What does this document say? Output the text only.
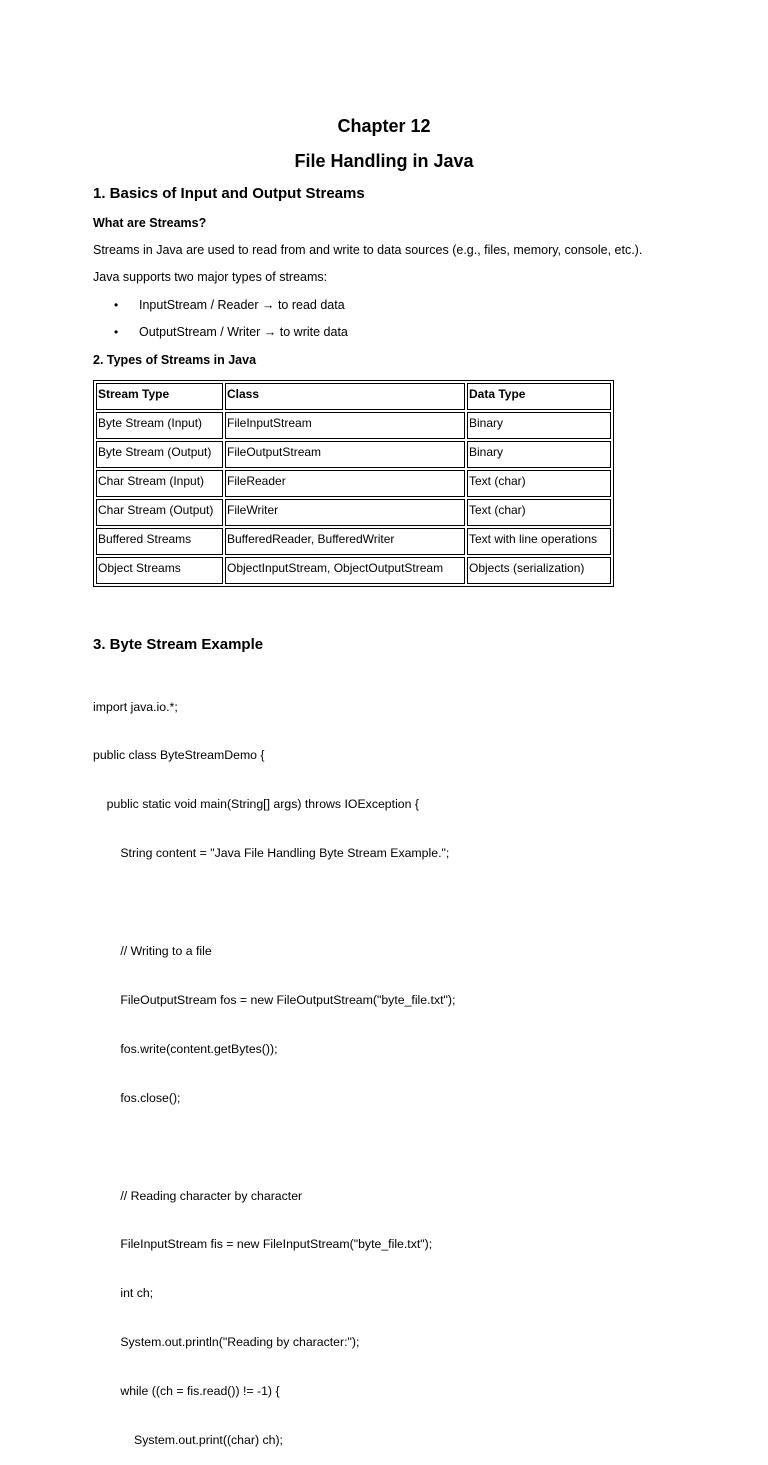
Chapter 12
File Handling in Java
1. Basics of Input and Output Streams
What are Streams?
Streams in Java are used to read from and write to data sources (e.g., files, memory, console, etc.).
Java supports two major types of streams:
• InputStream / Reader → to read data
• OutputStream / Writer → to write data
2. Types of Streams in Java
Stream Type	Class	Data Type
Byte Stream (Input)	FileInputStream	Binary
Byte Stream (Output)	FileOutputStream	Binary
Char Stream (Input)	FileReader	Text (char)
Char Stream (Output)	FileWriter	Text (char)
Buffered Streams	BufferedReader, BufferedWriter	Text with line operations
Object Streams	ObjectInputStream, ObjectOutputStream	Objects (serialization)
3. Byte Stream Example

import java.io.*;

public class ByteStreamDemo {

public static void main(String[] args) throws IOException {

String content = "Java File Handling Byte Stream Example.";

// Writing to a file

FileOutputStream fos = new FileOutputStream("byte_file.txt");

fos.write(content.getBytes());

fos.close();

// Reading character by character

FileInputStream fis = new FileInputStream("byte_file.txt");

int ch;

System.out.println("Reading by character:");

while ((ch = fis.read()) != -1) {

System.out.print((char) ch);
